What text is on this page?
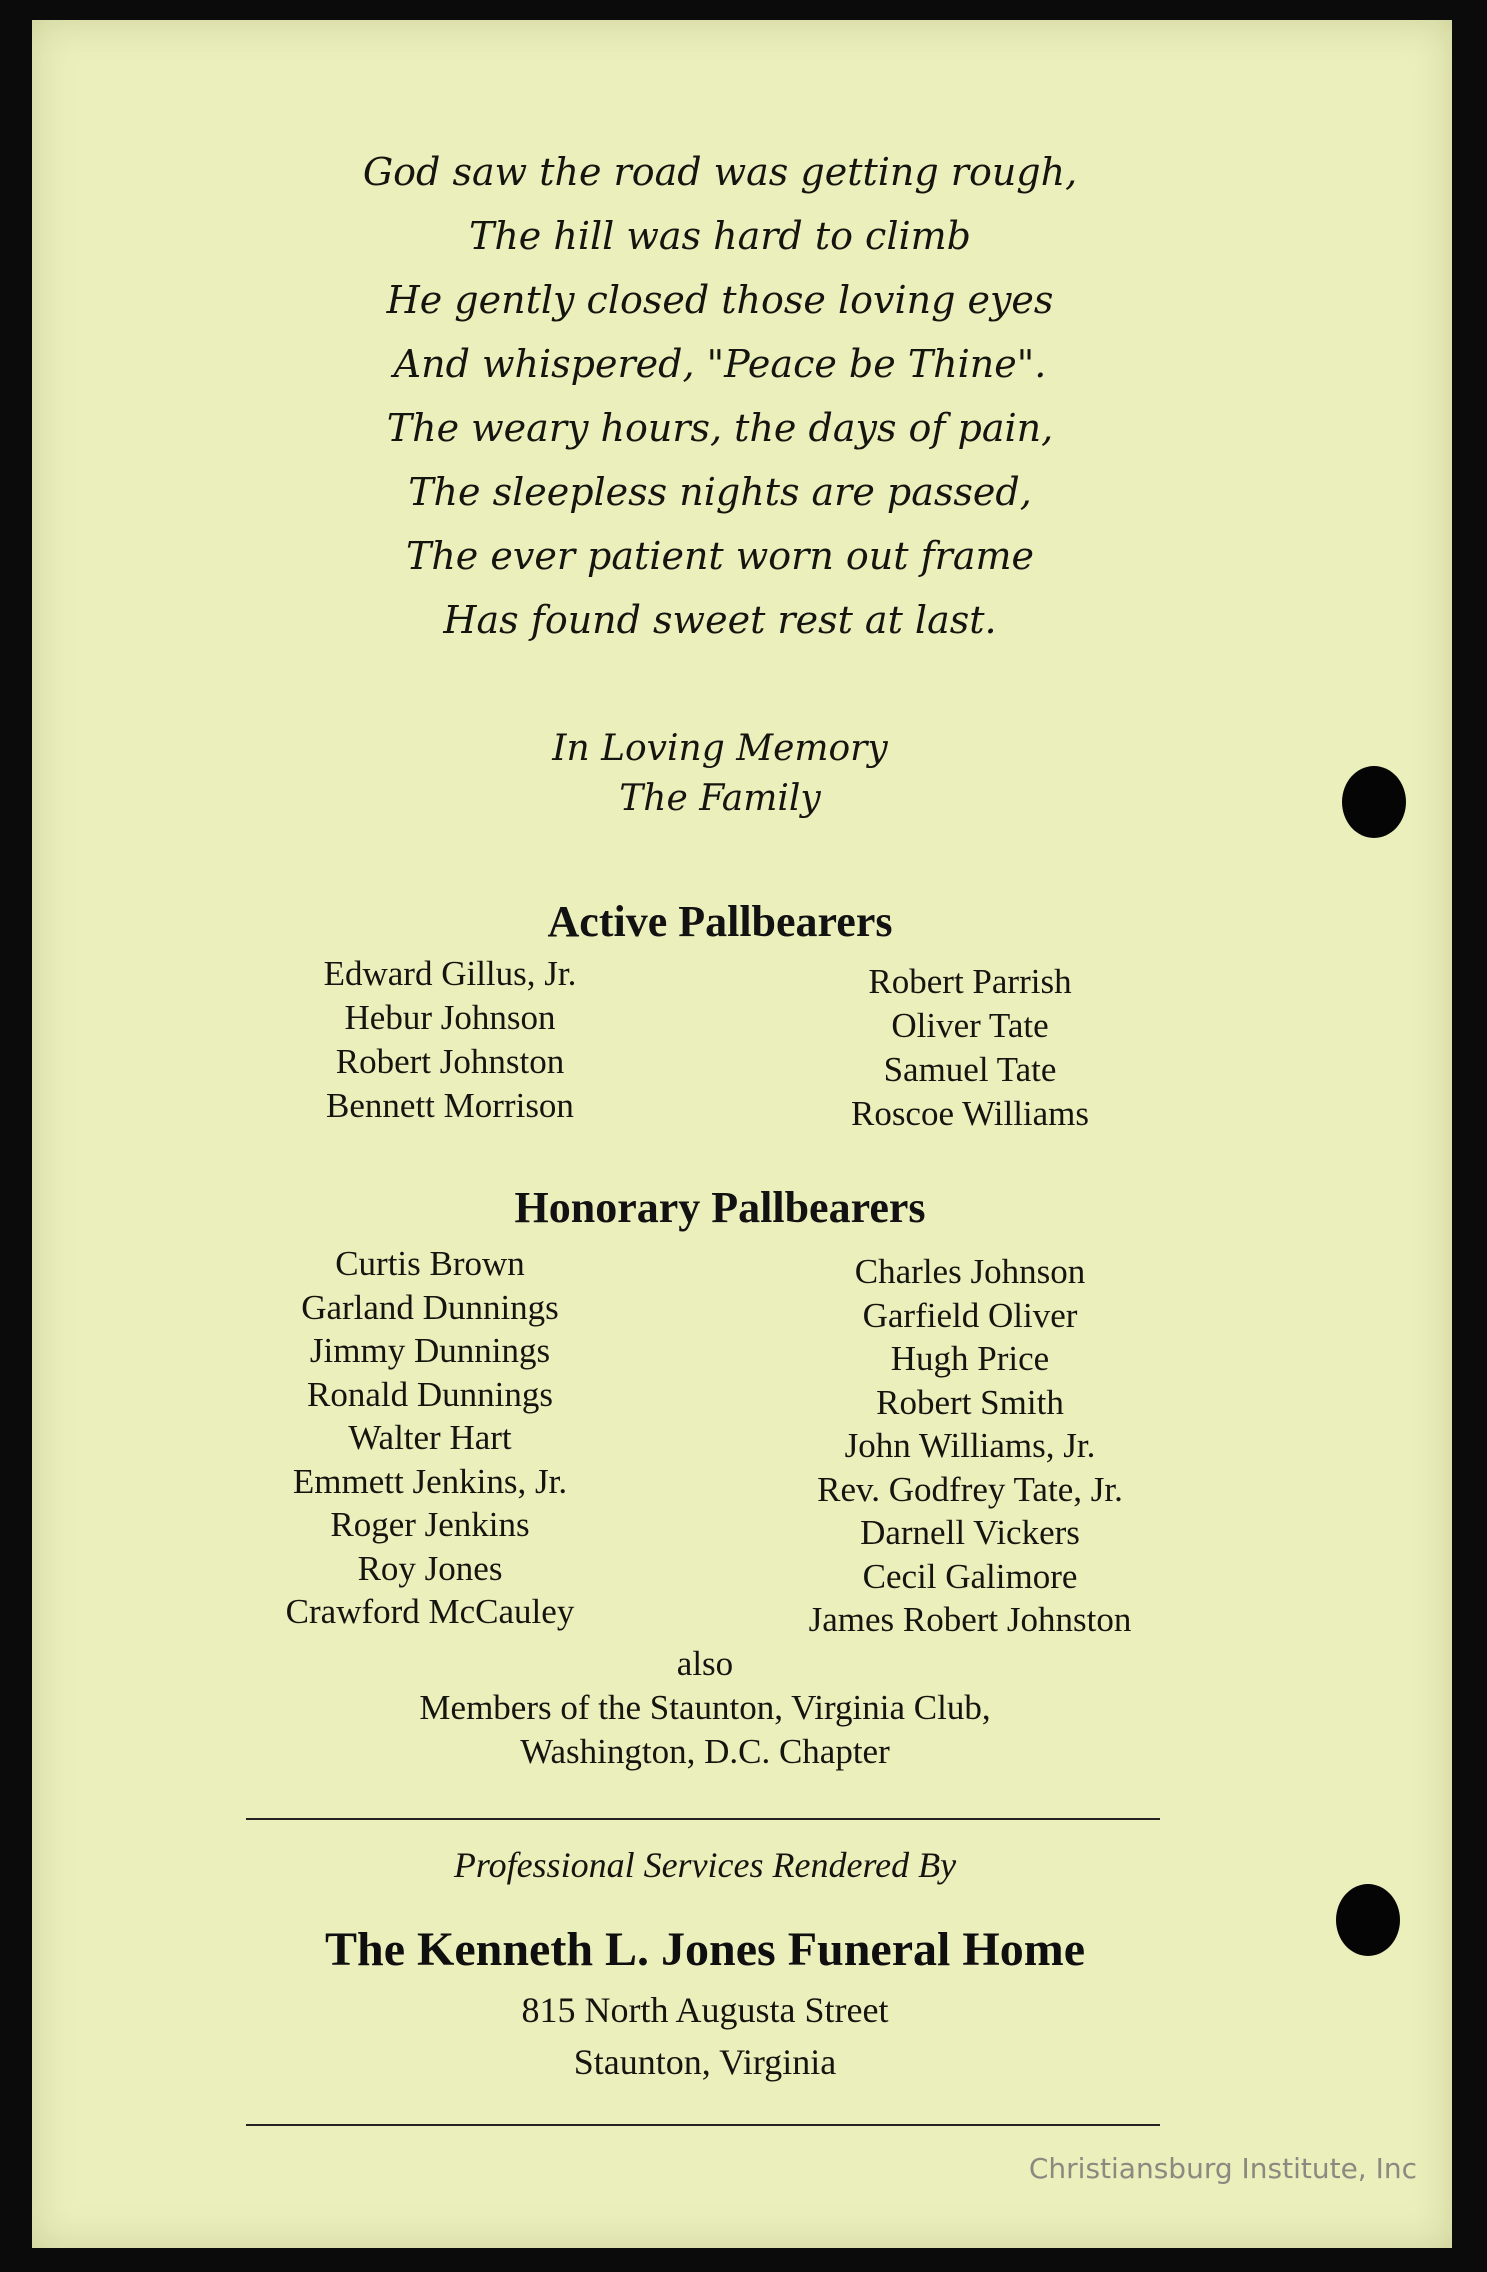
God saw the road was getting rough,
The hill was hard to climb
He gently closed those loving eyes
And whispered, "Peace be Thine".
The weary hours, the days of pain,
The sleepless nights are passed,
The ever patient worn out frame
Has found sweet rest at last.
In Loving Memory
The Family
Active Pallbearers
Edward Gillus, Jr.
Hebur Johnson
Robert Johnston
Bennett Morrison
Robert Parrish
Oliver Tate
Samuel Tate
Roscoe Williams
Honorary Pallbearers
Curtis Brown
Garland Dunnings
Jimmy Dunnings
Ronald Dunnings
Walter Hart
Emmett Jenkins, Jr.
Roger Jenkins
Roy Jones
Crawford McCauley
Charles Johnson
Garfield Oliver
Hugh Price
Robert Smith
John Williams, Jr.
Rev. Godfrey Tate, Jr.
Darnell Vickers
Cecil Galimore
James Robert Johnston
also
Members of the Staunton, Virginia Club,
Washington, D.C. Chapter
Professional Services Rendered By
The Kenneth L. Jones Funeral Home
815 North Augusta Street
Staunton, Virginia
Christiansburg Institute, Inc
